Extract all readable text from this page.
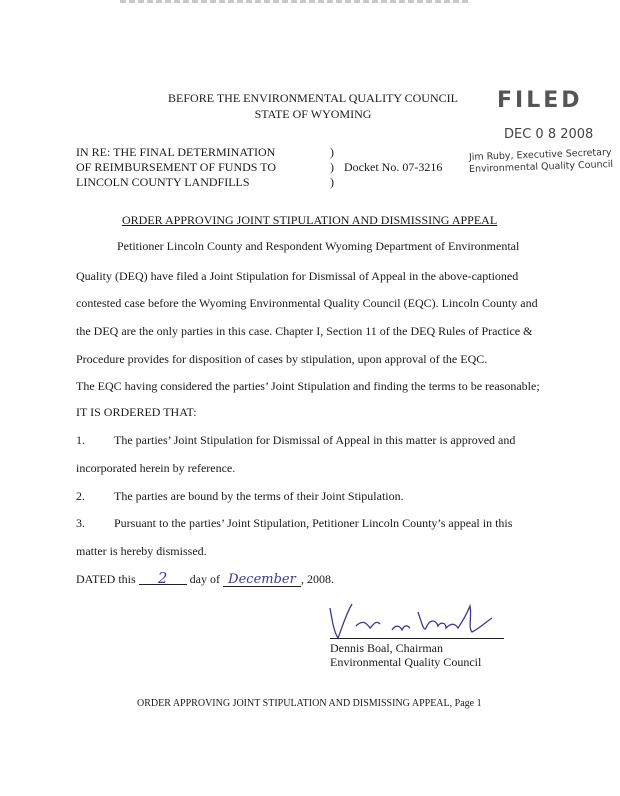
BEFORE THE ENVIRONMENTAL QUALITY COUNCIL
STATE OF WYOMING
FILED
DEC 0 8 2008
Jim Ruby, Executive Secretary
Environmental Quality Council
IN RE: THE FINAL DETERMINATION
OF REIMBURSEMENT OF FUNDS TO
LINCOLN COUNTY LANDFILLS
)
)
)
Docket No. 07-3216
ORDER APPROVING JOINT STIPULATION AND DISMISSING APPEAL
Petitioner Lincoln County and Respondent Wyoming Department of Environmental
Quality (DEQ) have filed a Joint Stipulation for Dismissal of Appeal in the above-captioned
contested case before the Wyoming Environmental Quality Council (EQC). Lincoln County and
the DEQ are the only parties in this case. Chapter I, Section 11 of the DEQ Rules of Practice &
Procedure provides for disposition of cases by stipulation, upon approval of the EQC.
The EQC having considered the parties’ Joint Stipulation and finding the terms to be reasonable;
IT IS ORDERED THAT:
1. The parties’ Joint Stipulation for Dismissal of Appeal in this matter is approved and
incorporated herein by reference.
2. The parties are bound by the terms of their Joint Stipulation.
3. Pursuant to the parties’ Joint Stipulation, Petitioner Lincoln County’s appeal in this
matter is hereby dismissed.
DATED this 2 day of December , 2008.
Dennis Boal, Chairman
Environmental Quality Council
ORDER APPROVING JOINT STIPULATION AND DISMISSING APPEAL, Page 1
